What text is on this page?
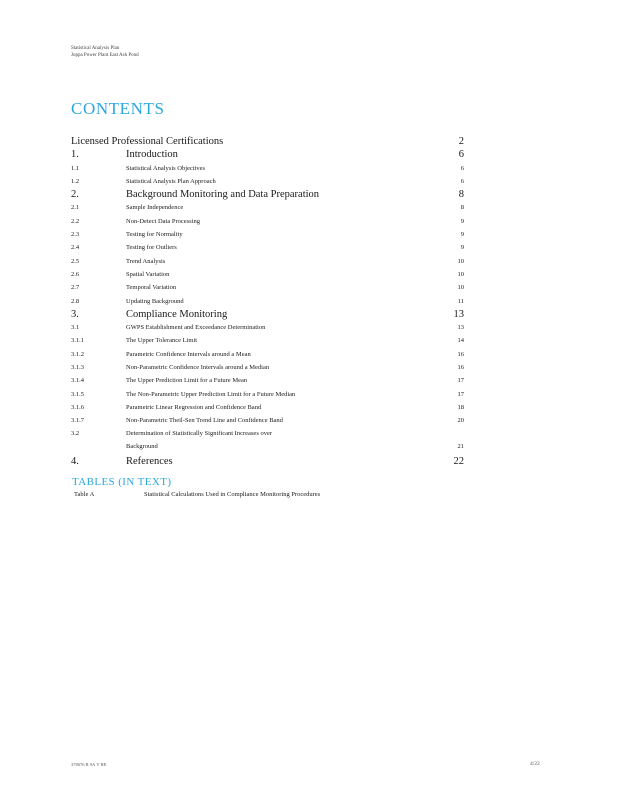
Statistical Analysis Plan
Joppa Power Plant East Ash Pond
CONTENTS
Licensed Professional Certifications	2
1.	Introduction	6
1.1	Statistical Analysis Objectives	6
1.2	Statistical Analysis Plan Approach	6
2.	Background Monitoring and Data Preparation	8
2.1	Sample Independence	8
2.2	Non-Detect Data Processing	9
2.3	Testing for Normality	9
2.4	Testing for Outliers	9
2.5	Trend Analysis	10
2.6	Spatial Variation	10
2.7	Temporal Variation	10
2.8	Updating Background	11
3.	Compliance Monitoring	13
3.1	GWPS Establishment and Exceedance Determination	13
3.1.1	The Upper Tolerance Limit	14
3.1.2	Parametric Confidence Intervals around a Mean	16
3.1.3	Non-Parametric Confidence Intervals around a Median	16
3.1.4	The Upper Prediction Limit for a Future Mean	17
3.1.5	The Non-Parametric Upper Prediction Limit for a Future Median	17
3.1.6	Parametric Linear Regression and Confidence Band	18
3.1.7	Non-Parametric Theil-Sen Trend Line and Confidence Band	20
3.2	Determination of Statistically Significant Increases over
Background	21
4.	References	22
TABLES (IN TEXT)
Table A	Statistical Calculations Used in Compliance Monitoring Procedures
378676 R 9A V RE	4/22
